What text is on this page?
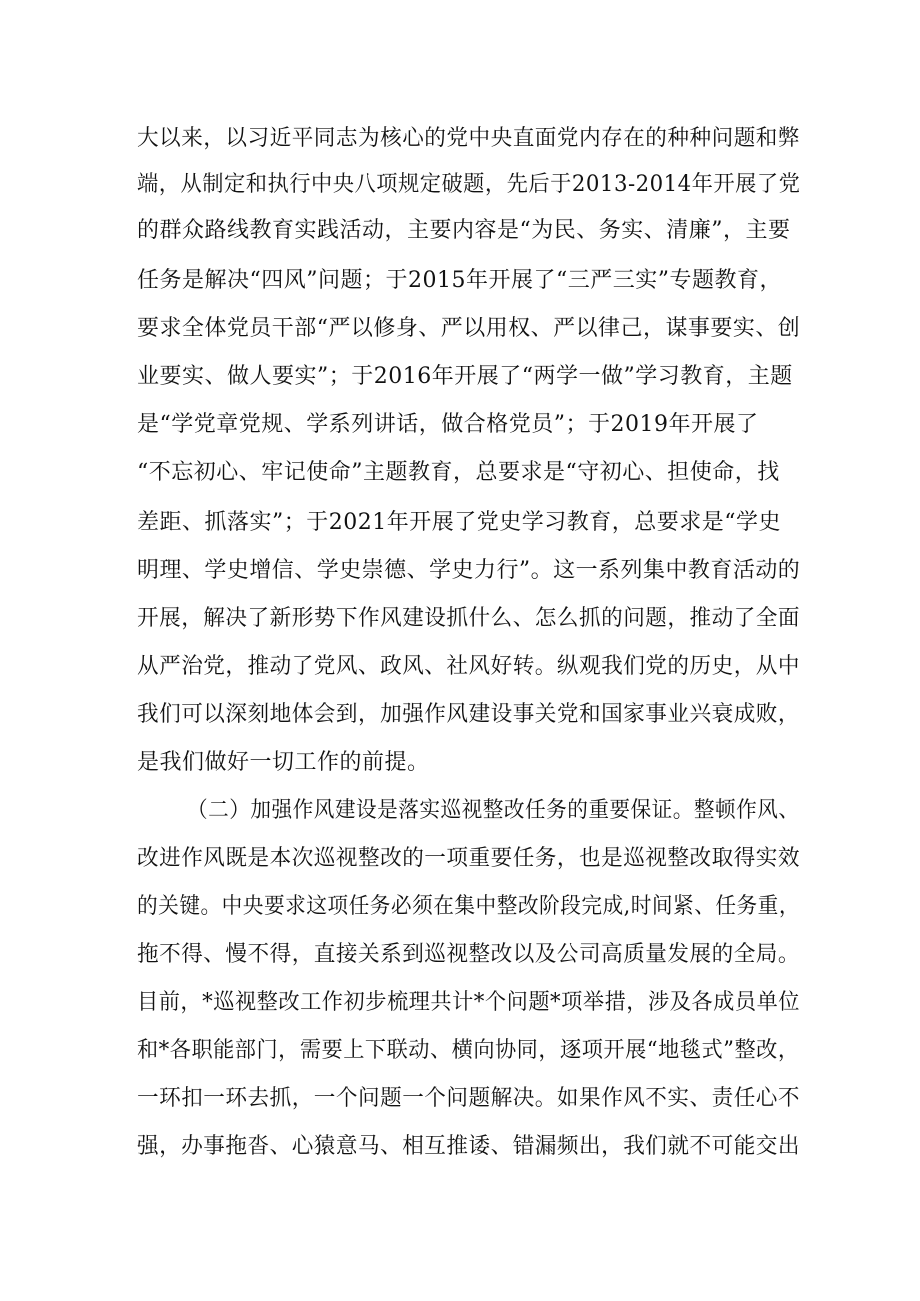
大以来，以习近平同志为核心的党中央直面党内存在的种种问题和弊
端，从制定和执行中央八项规定破题，先后于2013-2014年开展了党
的群众路线教育实践活动，主要内容是“为民、务实、清廉”，主要
任务是解决“四风”问题；于2015年开展了“三严三实”专题教育，
要求全体党员干部“严以修身、严以用权、严以律己，谋事要实、创
业要实、做人要实”；于2016年开展了“两学一做”学习教育，主题
是“学党章党规、学系列讲话，做合格党员”；于2019年开展了
“不忘初心、牢记使命”主题教育，总要求是“守初心、担使命，找
差距、抓落实”；于2021年开展了党史学习教育，总要求是“学史
明理、学史增信、学史崇德、学史力行”。这一系列集中教育活动的
开展，解决了新形势下作风建设抓什么、怎么抓的问题，推动了全面
从严治党，推动了党风、政风、社风好转。纵观我们党的历史，从中
我们可以深刻地体会到，加强作风建设事关党和国家事业兴衰成败，
是我们做好一切工作的前提。
（二）加强作风建设是落实巡视整改任务的重要保证。整顿作风、
改进作风既是本次巡视整改的一项重要任务，也是巡视整改取得实效
的关键。中央要求这项任务必须在集中整改阶段完成,时间紧、任务重，
拖不得、慢不得，直接关系到巡视整改以及公司高质量发展的全局。
目前，*巡视整改工作初步梳理共计*个问题*项举措，涉及各成员单位
和*各职能部门，需要上下联动、横向协同，逐项开展“地毯式”整改，
一环扣一环去抓，一个问题一个问题解决。如果作风不实、责任心不
强，办事拖沓、心猿意马、相互推诿、错漏频出，我们就不可能交出
